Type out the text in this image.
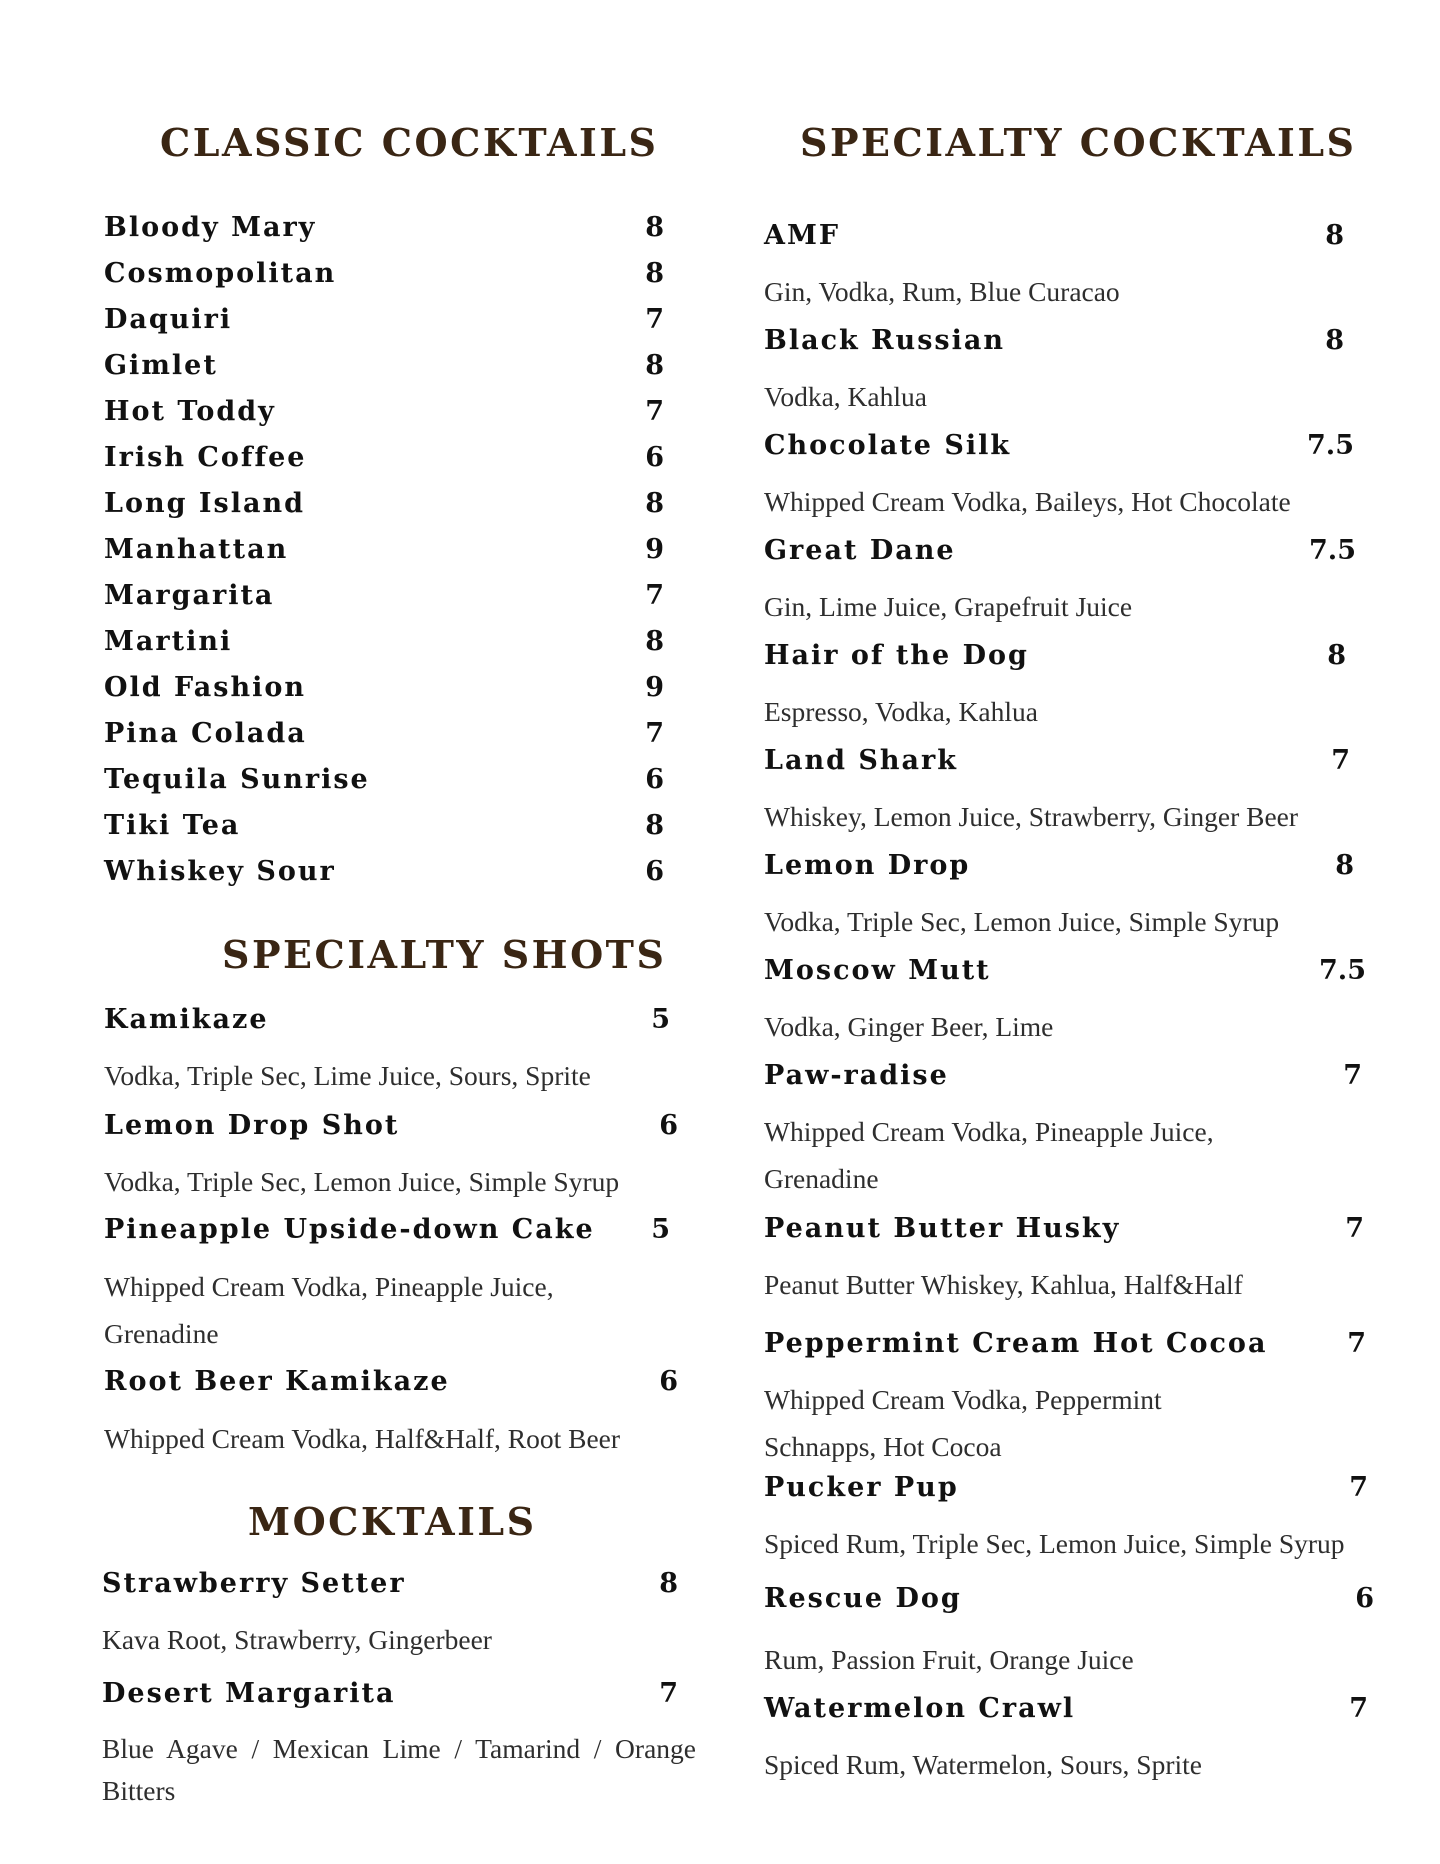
CLASSIC COCKTAILS
Bloody Mary	8
Cosmopolitan	8
Daquiri	7
Gimlet	8
Hot Toddy	7
Irish Coffee	6
Long Island	8
Manhattan	9
Margarita	7
Martini	8
Old Fashion	9
Pina Colada	7
Tequila Sunrise	6
Tiki Tea	8
Whiskey Sour	6
SPECIALTY SHOTS
Kamikaze	5

Vodka, Triple Sec, Lime Juice, Sours, Sprite

Lemon Drop Shot	6

Vodka, Triple Sec, Lemon Juice, Simple Syrup

Pineapple Upside-down Cake 5

Whipped Cream Vodka, Pineapple Juice, Grenadine

Root Beer Kamikaze	6

Whipped Cream Vodka, Half&Half, Root Beer

MOCKTAILS
Strawberry Setter	8

Kava Root, Strawberry, Gingerbeer

Desert Margarita	7

Blue Agave / Mexican Lime / Tamarind / Orange Bitters

SPECIALTY COCKTAILS
AMF	8

Gin, Vodka, Rum, Blue Curacao

Black Russian	8

Vodka, Kahlua

Chocolate Silk	7.5

Whipped Cream Vodka, Baileys, Hot Chocolate

Great Dane	7.5

Gin, Lime Juice, Grapefruit Juice

Hair of the Dog	8

Espresso, Vodka, Kahlua

Land Shark	7

Whiskey, Lemon Juice, Strawberry, Ginger Beer

Lemon Drop	8

Vodka, Triple Sec, Lemon Juice, Simple Syrup

Moscow Mutt	7.5

Vodka, Ginger Beer, Lime

Paw-radise	7

Whipped Cream Vodka, Pineapple Juice, Grenadine

Peanut Butter Husky	7

Peanut Butter Whiskey, Kahlua, Half&Half

Peppermint Cream Hot Cocoa	7

Whipped Cream Vodka, Peppermint Schnapps, Hot Cocoa

Pucker Pup	7

Spiced Rum, Triple Sec, Lemon Juice, Simple Syrup

Rescue Dog	6

Rum, Passion Fruit, Orange Juice

Watermelon Crawl	7

Spiced Rum, Watermelon, Sours, Sprite
